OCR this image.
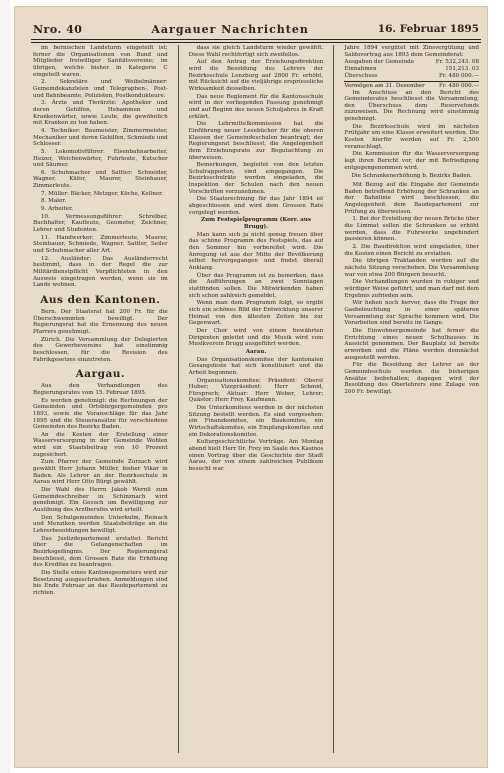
Nro. 40	Aargauer Nachrichten	16. Februar 1895

im bernischen Landsturm eingeteilt ist; ferner die Organisationen von Bund und Mitglieder freiwilliger Sanitätsvereine; im übrigen, welche bisher in Kategorie C eingeteilt waren.

2. Sekretäre und Weibelmänner: Gemeindekanzleien und Telegraphen-, Post- und Bahnbeamte, Polizisten, Postkondukteure.

3. Ärzte und Tierärzte: Apotheker und deren Gehilfen, Hebammen und Krankenwärter, sowie Leute, die gewöhnlich mit Kranken zu tun haben.

4. Techniker: Baumeister, Zimmermeister, Mechaniker und deren Gehilfen, Schmiede und Schlosser.

5. Lokomotivführer: Eisenbahnarbeiter, Heizer, Weichenwärter, Fuhrleute, Kutscher und Säumer.

6. Schuhmacher und Sattler: Schneider, Wagner, Küfer, Maurer, Steinhauer, Zimmerleute.

7. Müller: Bäcker, Metzger, Köche, Kellner.

8. Maler.

9. Arbeiter.

10. Vermessungsführer: Schreiber, Buchhalter, Kaufleute, Geometer, Zeichner, Lehrer und Studenten.

11. Handwerker: Zimmerleute, Maurer, Steinhauer, Schmiede, Wagner, Sattler, Seiler und Schuhmacher aller Art.

12. Ausländer: Das Ausländerrecht bestimmt, dass in der Regel die zur Militärdienstpflicht Verpflichteten in den Ausweis eingetragen werden, wenn sie im Lande wohnen.

Aus den Kantonen.

Bern. Der Staatsrat hat 200 Fr. für die Überschwemmten bewilligt. Der Regierungsrat hat die Ernennung des neuen Pfarrers genehmigt.

Zürich. Die Versammlung der Delegierten des Gewerbevereins hat einstimmig beschlossen, für die Revision des Fabrikgesetzes einzutreten.

Aargau.

Aus den Verhandlungen des Regierungsrates vom 15. Februar 1895.

Es werden genehmigt: die Rechnungen der Gemeinden und Ortsbürgergemeinden pro 1893, sowie die Voranschläge für das Jahr 1895 und die Steueransätze für verschiedene Gemeinden des Bezirks Baden.

An die Kosten der Erstellung einer Wasserversorgung in der Gemeinde Wohlen wird ein Staatsbeitrag von 10 Prozent zugesichert.

Zum Pfarrer der Gemeinde Zurzach wird gewählt Herr Johann Müller, bisher Vikar in Baden. Als Lehrer an der Bezirksschule in Aarau wird Herr Otto Bürgi gewählt.

Die Wahl des Herrn Jakob Wernli zum Gemeindeschreiber in Schinznach wird genehmigt. Ein Gesuch um Bewilligung zur Ausübung des Arztberufes wird erteilt.

Den Schulgemeinden Unterkulm, Reinach und Menziken werden Staatsbeiträge an die Lehrerbesoldungen bewilligt.

Das Justizdepartement erstattet Bericht über die Gefangenschaften im Bezirksgefängnis. Der Regierungsrat beschliesst, dem Grossen Rate die Erhöhung des Kredites zu beantragen.

Die Stelle eines Kantonsgeometers wird zur Besetzung ausgeschrieben. Anmeldungen sind bis Ende Februar an das Baudepartement zu richten.

dass sie gleich Landsturm wieder gewählt. Diese Wahl rechtfertigt sich zweifellos.

Auf den Antrag der Erziehungsdirektion wird die Besoldung des Lehrers der Bezirksschule Lenzburg auf 2800 Fr. erhöht, mit Rücksicht auf die vieljährige erspriessliche Wirksamkeit desselben.

Das neue Reglement für die Kantonsschule wird in der vorliegenden Fassung genehmigt und auf Beginn des neuen Schuljahres in Kraft erklärt.

Die Lehrmittelkommission hat die Einführung neuer Lesebücher für die oberen Klassen der Gemeindeschulen beantragt; der Regierungsrat beschliesst, die Angelegenheit dem Erziehungsrate zur Begutachtung zu überweisen.

Bemerkungen, begleitet von den letzten Schulrapporten, sind eingegangen. Die Bezirksschulräte werden eingeladen, die Inspektion der Schulen nach den neuen Vorschriften vorzunehmen.

Die Staatsrechnung für das Jahr 1894 ist abgeschlossen und wird dem Grossen Rate vorgelegt werden.

Zum Festspielprogramm (Korr. aus Brugg).

Man kann sich ja nicht genug freuen über das schöne Programm des Festspiels, das auf den Sommer hin vorbereitet wird. Die Anregung ist aus der Mitte der Bevölkerung selbst hervorgegangen und findet überall Anklang.

Über das Programm ist zu bemerken, dass die Aufführungen an zwei Sonntagen stattfinden sollen. Die Mitwirkenden haben sich schon zahlreich gemeldet.

Wenn man dem Programm folgt, so ergibt sich ein schönes Bild der Entwicklung unserer Heimat von den ältesten Zeiten bis zur Gegenwart.

Der Chor wird von einem bewährten Dirigenten geleitet und die Musik wird vom Musikverein Brugg ausgeführt werden.

Aarau.

Das Organisationskomitee der kantonalen Gesangsfeste hat sich konstituiert und die Arbeit begonnen.

Organisationskomitee: Präsident: Oberst Huber; Vizepräsident: Herr Schmid, Fürsprech; Aktuar: Herr Weber, Lehrer; Quästor: Herr Frey, Kaufmann.

Die Unterkomitees werden in der nächsten Sitzung bestellt werden. Es sind vorgesehen: ein Finanzkomitee, ein Baukomitee, ein Wirtschaftskomitee, ein Empfangskomitee und ein Dekorationskomitee.

Kulturgeschichtliche Vorträge. Am Montag abend hielt Herr Dr. Frey im Saale des Kasinos einen Vortrag über die Geschichte der Stadt Aarau, der von einem zahlreichen Publikum besucht war.

Jahre 1894 vergütet mit Zinsvergütung und Saldovortrag aus 1893 dem Gemeinderat:

Ausgaben der Gemeinde	Fr. 532,243. 08
Einnahmen	151,213. 03
Überschuss	Fr. 480 000.—
Vermögen am 31. Dezember	Fr. 480 000.—

Im Anschluss an den Bericht des Gemeinderates beschliesst die Versammlung, den Überschuss dem Reservefonds zuzuweisen. Die Rechnung wird einstimmig genehmigt.

Die Bezirksschule wird im nächsten Frühjahr um eine Klasse erweitert werden. Die Kosten hierfür werden auf Fr. 2,500 veranschlagt.

Die Kommission für die Wasserversorgung legt ihren Bericht vor, der mit Befriedigung entgegengenommen wird.

Die Schrankenerhöhung b. Bezirks Baden.

Mit Bezug auf die Eingabe der Gemeinde Baden betreffend Erhöhung der Schranken an der Bahnlinie wird beschlossen, die Angelegenheit dem Baudepartement zur Prüfung zu überweisen.

1. Bei der Erstellung der neuen Brücke über die Limmat sollen die Schranken so erhöht werden, dass die Fuhrwerke ungehindert passieren können.

2. Die Baudirektion wird eingeladen, über die Kosten einen Bericht zu erstatten.

Die übrigen Traktanden werden auf die nächste Sitzung verschoben. Die Versammlung war von etwa 200 Bürgern besucht.

Die Verhandlungen wurden in ruhiger und würdiger Weise geführt, und man darf mit dem Ergebnis zufrieden sein.

Wir heben noch hervor, dass die Frage der Gasbeleuchtung in einer späteren Versammlung zur Sprache kommen wird. Die Vorarbeiten sind bereits im Gange.

Die Einwohnergemeinde hat ferner die Errichtung eines neuen Schulhauses in Aussicht genommen. Der Bauplatz ist bereits erworben und die Pläne werden demnächst ausgestellt werden.

Für die Besoldung der Lehrer an der Gemeindeschule werden die bisherigen Ansätze beibehalten; dagegen wird der Besoldung des Oberlehrers eine Zulage von 200 Fr. bewilligt.
